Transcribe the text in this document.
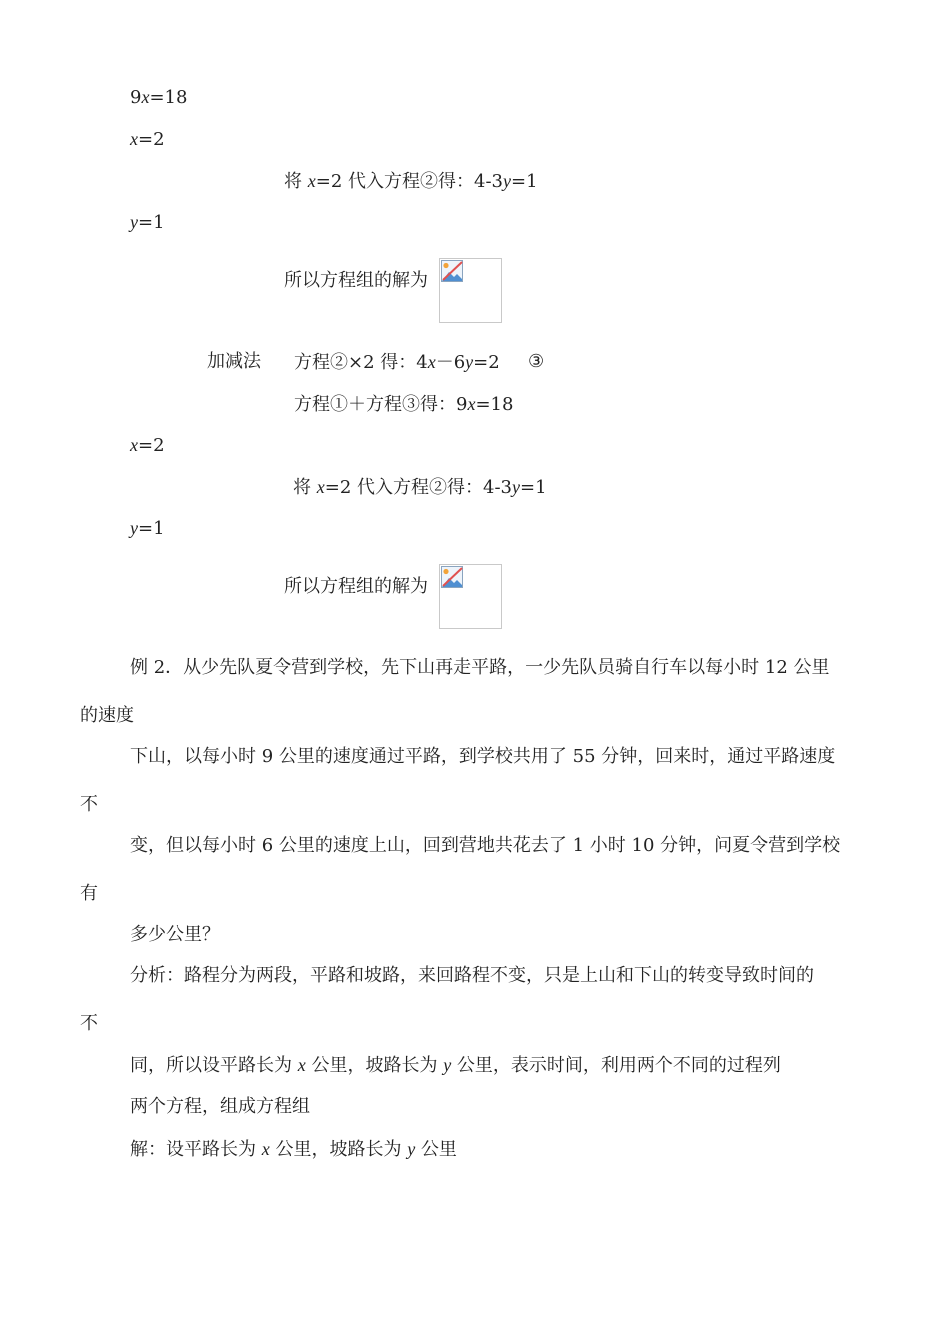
9x=18
x=2
将 x=2 代入方程②得：4-3y=1
y=1
所以方程组的解为
加减法 方程②×2 得：4x－6y=2 ③
方程①＋方程③得：9x=18
x=2
将 x=2 代入方程②得：4-3y=1
y=1
所以方程组的解为
例 2．从少先队夏令营到学校，先下山再走平路，一少先队员骑自行车以每小时 12 公里
的速度
下山，以每小时 9 公里的速度通过平路，到学校共用了 55 分钟，回来时，通过平路速度
不
变，但以每小时 6 公里的速度上山，回到营地共花去了 1 小时 10 分钟，问夏令营到学校
有
多少公里？
分析：路程分为两段，平路和坡路，来回路程不变，只是上山和下山的转变导致时间的
不
同，所以设平路长为 x 公里，坡路长为 y 公里，表示时间，利用两个不同的过程列
两个方程，组成方程组
解：设平路长为 x 公里，坡路长为 y 公里
